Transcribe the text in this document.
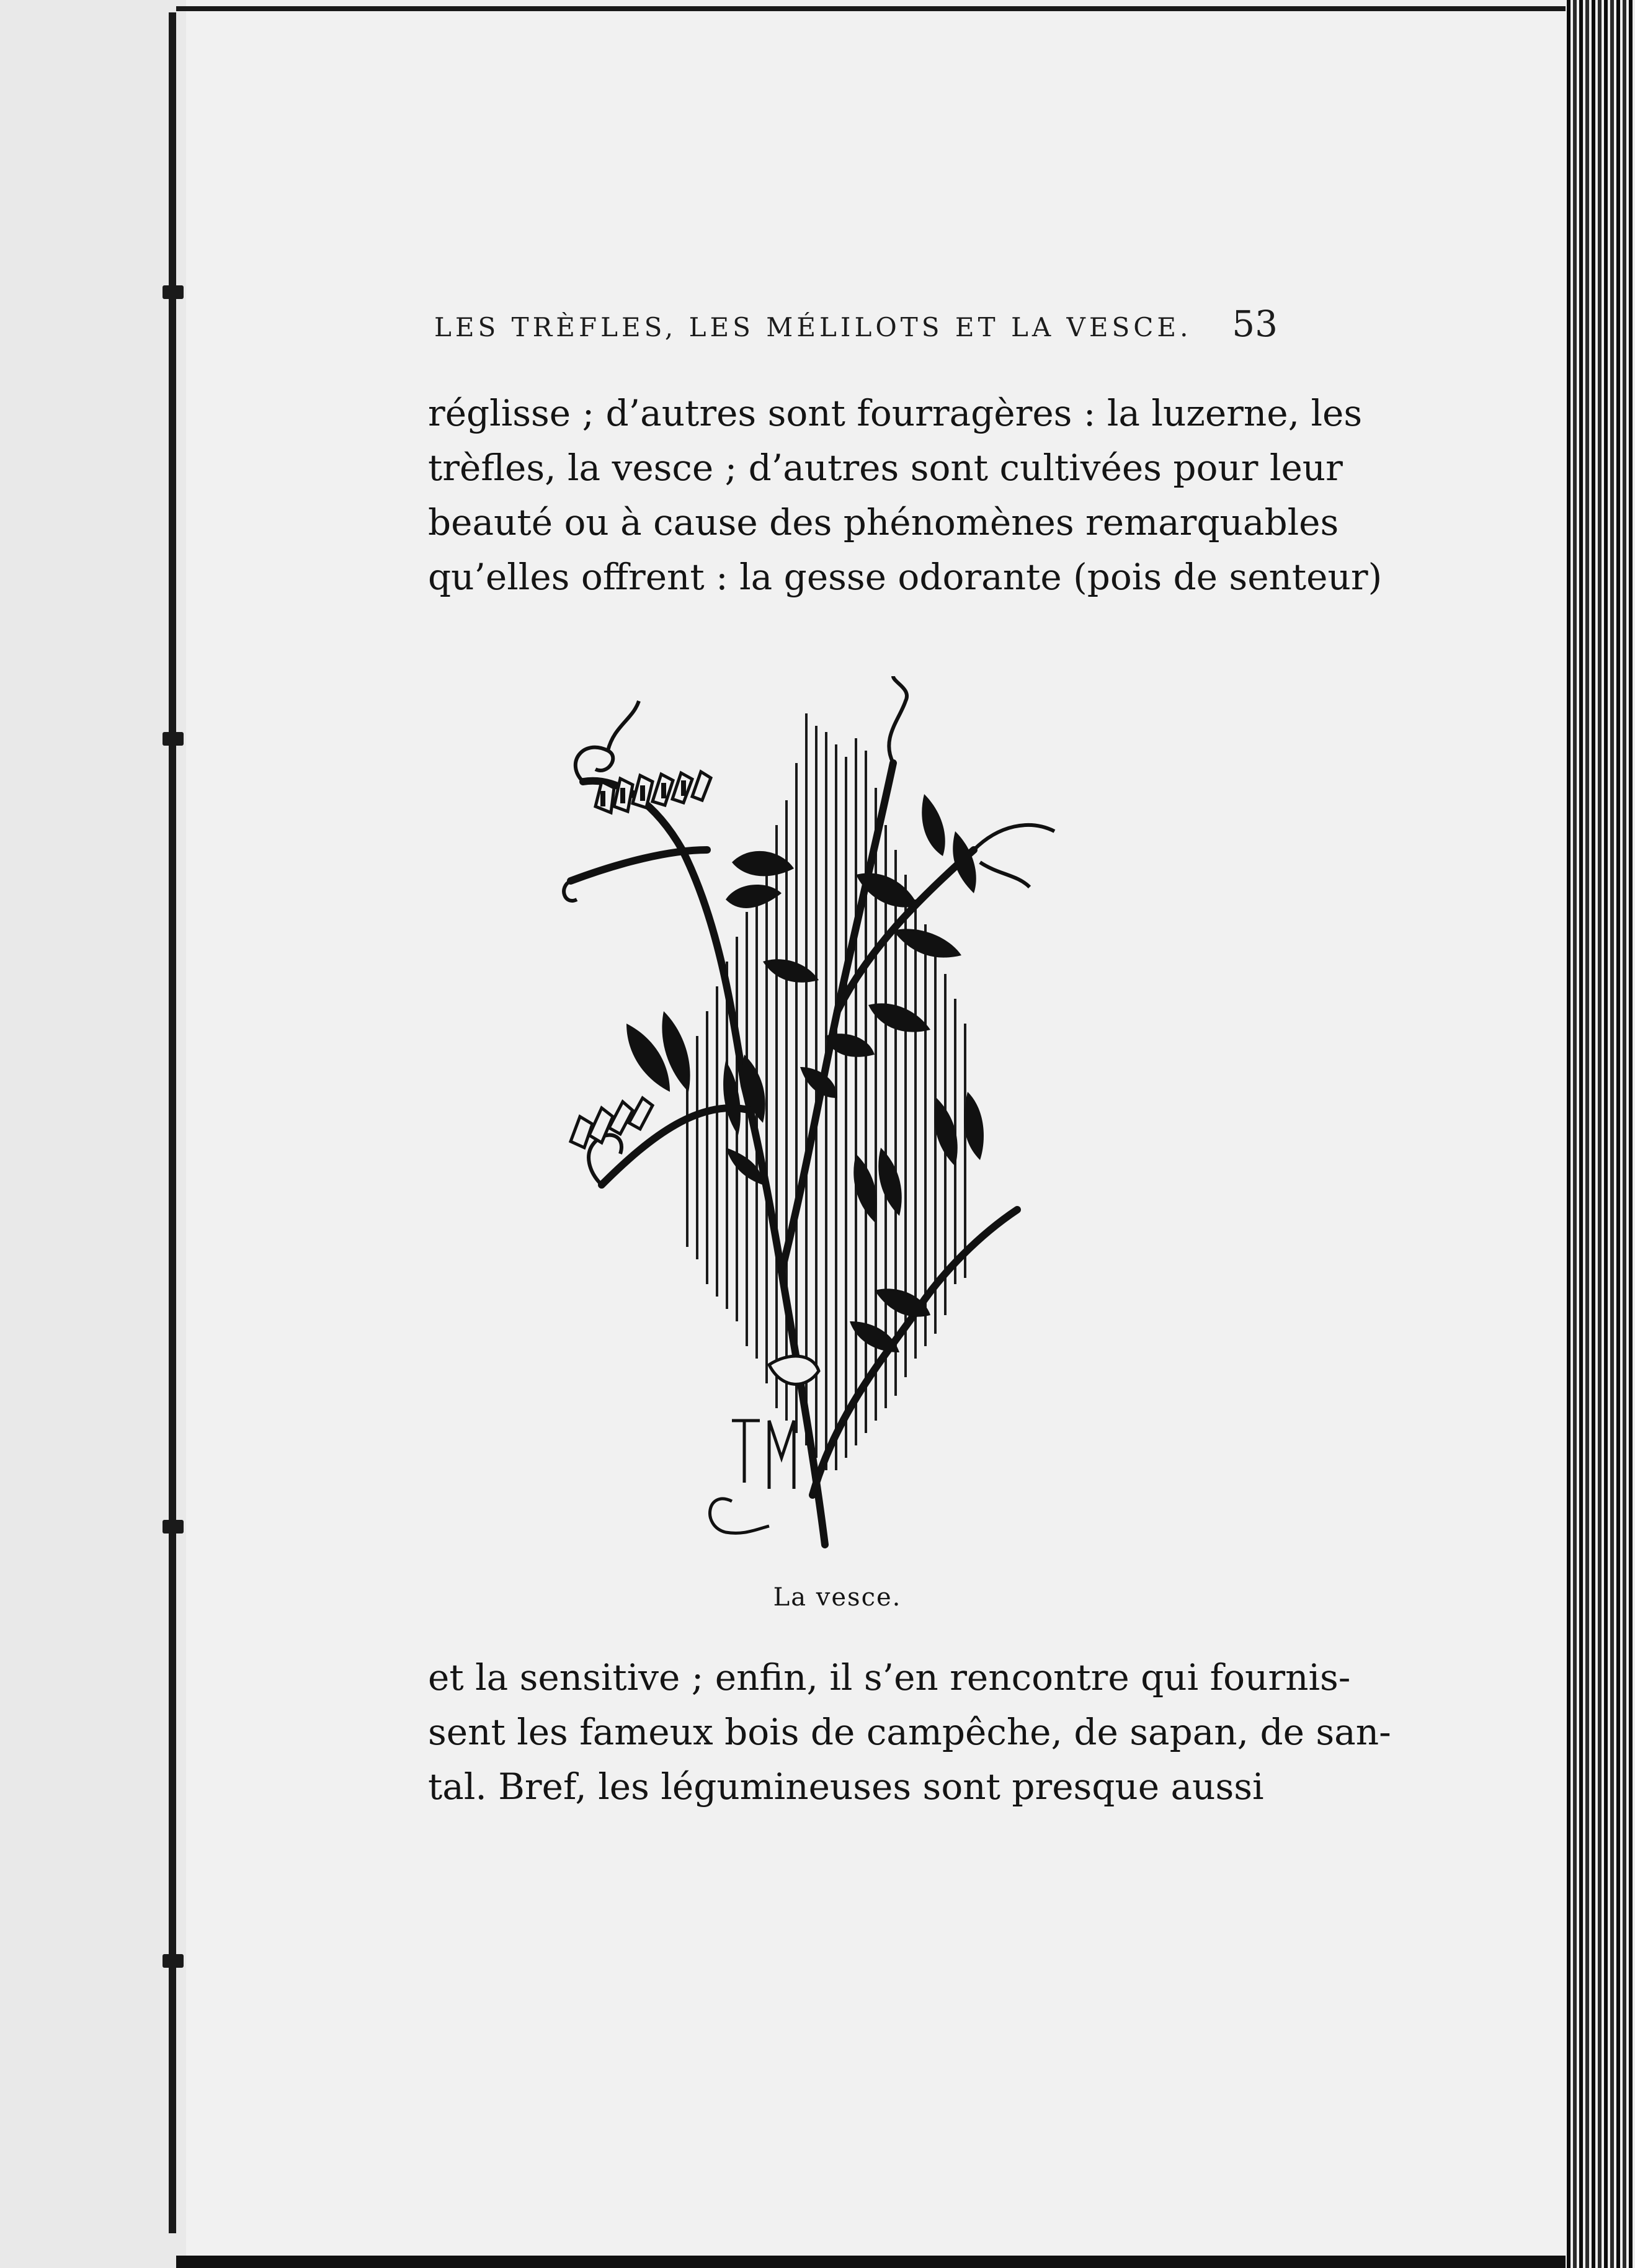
LES TRÈFLES, LES MÉLILOTS ET LA VESCE. 53
réglisse ; d’autres sont fourragères : la luzerne, les
trèfles, la vesce ; d’autres sont cultivées pour leur
beauté ou à cause des phénomènes remarquables
qu’elles offrent : la gesse odorante (pois de senteur)
La vesce.
et la sensitive ; enfin, il s’en rencontre qui fournis-
sent les fameux bois de campêche, de sapan, de san-
tal. Bref, les légumineuses sont presque aussi
